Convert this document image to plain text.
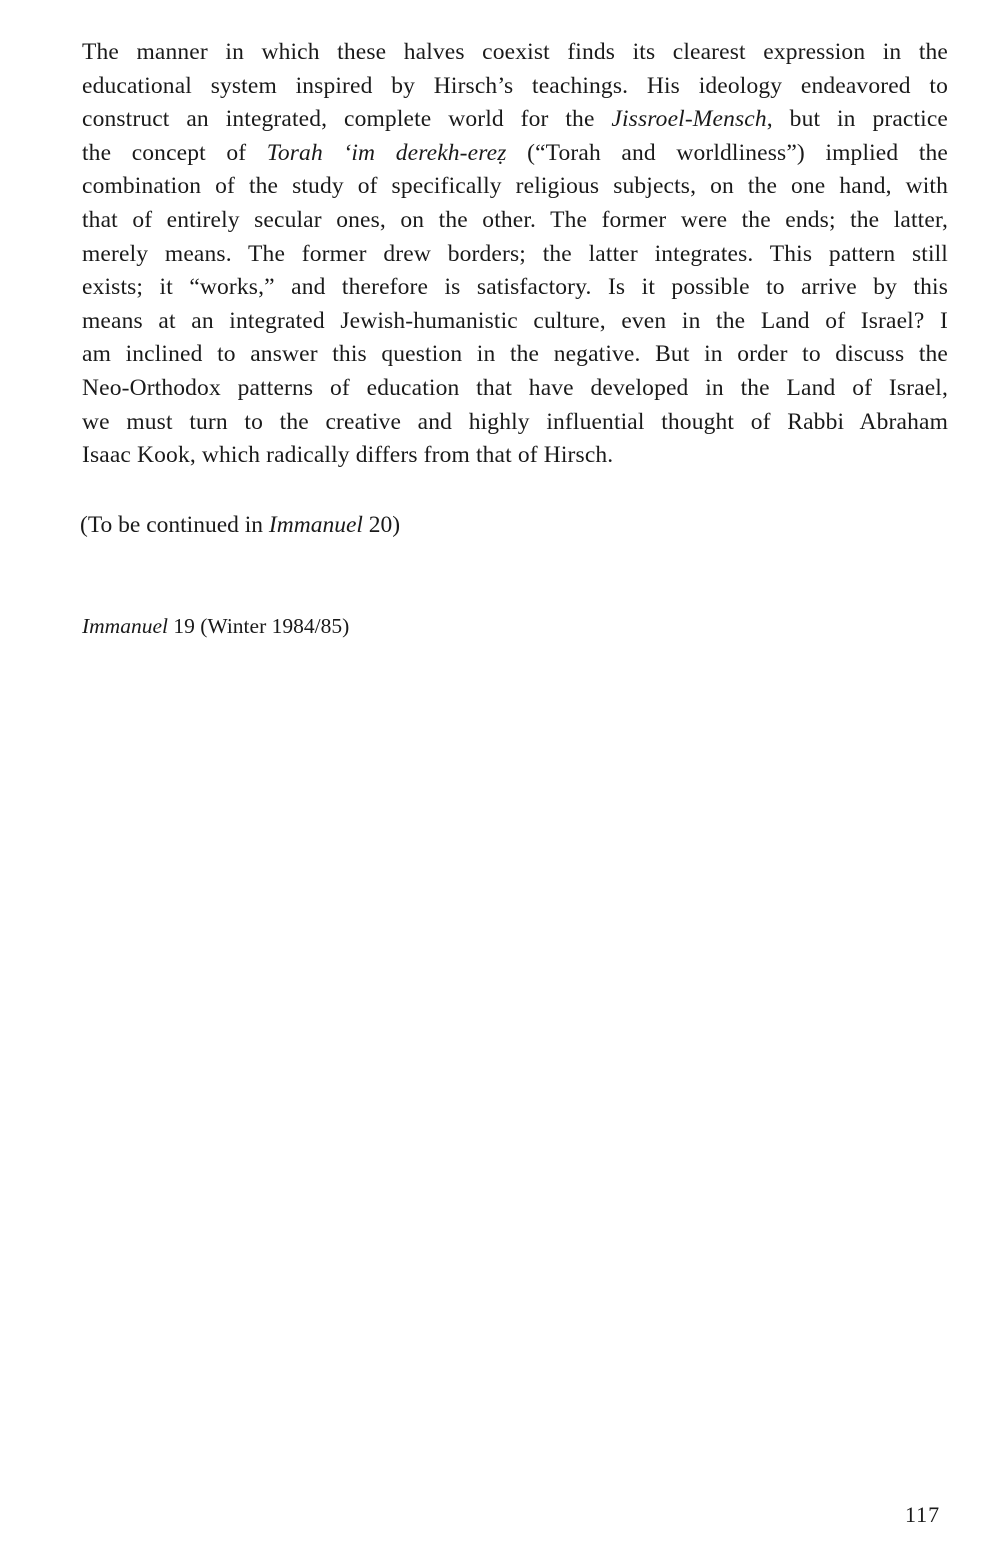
The manner in which these halves coexist finds its clearest expression in the
educational system inspired by Hirsch’s teachings. His ideology endeavored to
construct an integrated, complete world for the Jissroel-Mensch, but in practice
the concept of Torah ‘im derekh-ereẓ (“Torah and worldliness”) implied the
combination of the study of specifically religious subjects, on the one hand, with
that of entirely secular ones, on the other. The former were the ends; the latter,
merely means. The former drew borders; the latter integrates. This pattern still
exists; it “works,” and therefore is satisfactory. Is it possible to arrive by this
means at an integrated Jewish-humanistic culture, even in the Land of Israel? I
am inclined to answer this question in the negative. But in order to discuss the
Neo-Orthodox patterns of education that have developed in the Land of Israel,
we must turn to the creative and highly influential thought of Rabbi Abraham
Isaac Kook, which radically differs from that of Hirsch.

(To be continued in Immanuel 20)

Immanuel 19 (Winter 1984/85)

117
